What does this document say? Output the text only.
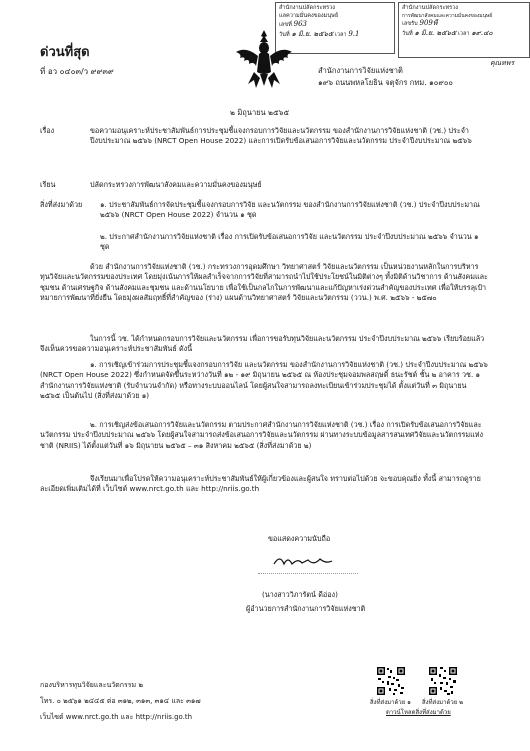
สำนักงานปลัดกระทรวง
แลความมั่นคงของมนุษย์
เลขที่ 963
วันที่ ๑ มิ.ย. ๒๕๖๕ เวลา 9.1
สำนักงานปลัดกระทรวง
การพัฒนาสังคมและความมั่นคงของมนุษย์
เลขรับ 909พี
วันที่ ๑ มิ.ย. ๒๕๖๕ เวลา ๑๙.๔๐
คุณหพร
ด่วนที่สุด
ที่ อว ๐๔๐๓/ว ๙๙๓๙	สำนักงานการวิจัยแห่งชาติ
๑๙๖ ถนนพหลโยธิน จตุจักร กทม. ๑๐๙๐๐
๒ มิถุนายน ๒๕๖๕
เรื่อง	ขอความอนุเคราะห์ประชาสัมพันธ์การประชุมชี้แจงกรอบการวิจัยและนวัตกรรม ของสำนักงานการวิจัยแห่งชาติ (วช.) ประจำปีงบประมาณ ๒๕๖๖ (NRCT Open House 2022) และการเปิดรับข้อเสนอการวิจัยและนวัตกรรม ประจำปีงบประมาณ ๒๕๖๖
เรียน	ปลัดกระทรวงการพัฒนาสังคมและความมั่นคงของมนุษย์
สิ่งที่ส่งมาด้วย ๑. ประชาสัมพันธ์การจัดประชุมชี้แจงกรอบการวิจัย และนวัตกรรม ของสำนักงานการวิจัยแห่งชาติ (วช.) ประจำปีงบประมาณ ๒๕๖๖ (NRCT Open House 2022) จำนวน ๑ ชุด
๒. ประกาศสำนักงานการวิจัยแห่งชาติ เรื่อง การเปิดรับข้อเสนอการวิจัย และนวัตกรรม ประจำปีงบประมาณ ๒๕๖๖ จำนวน ๑ ชุด
ด้วย สำนักงานการวิจัยแห่งชาติ (วช.) กระทรวงการอุดมศึกษา วิทยาศาสตร์ วิจัยและนวัตกรรม เป็นหน่วยงานหลักในการบริหารทุนวิจัยและนวัตกรรมของประเทศ โดยมุ่งเน้นการให้ผลสำเร็จจากการวิจัยที่สามารถนำไปใช้ประโยชน์ในมิติต่างๆ ทั้งมิติด้านวิชาการ ด้านสังคมและชุมชน ด้านเศรษฐกิจ ด้านสังคมและชุมชน และด้านนโยบาย เพื่อใช้เป็นกลไกในการพัฒนาและแก้ปัญหาเร่งด่วนสำคัญของประเทศ เพื่อให้บรรลุเป้าหมายการพัฒนาที่ยั่งยืน โดยมุ่งผลสัมฤทธิ์ที่สำคัญของ (ร่าง) แผนด้านวิทยาศาสตร์ วิจัยและนวัตกรรม (ววน.) พ.ศ. ๒๕๖๖ - ๒๕๗๐
ในการนี้ วช. ได้กำหนดกรอบการวิจัยและนวัตกรรม เพื่อการขอรับทุนวิจัยและนวัตกรรม ประจำปีงบประมาณ ๒๕๖๖ เรียบร้อยแล้ว จึงเห็นควรขอความอนุเคราะห์ประชาสัมพันธ์ ดังนี้
๑. การเชิญเข้าร่วมการประชุมชี้แจงกรอบการวิจัย และนวัตกรรม ของสำนักงานการวิจัยแห่งชาติ (วช.) ประจำปีงบประมาณ ๒๕๖๖ (NRCT Open House 2022) ซึ่งกำหนดจัดขึ้นระหว่างวันที่ ๑๒ - ๑๙ มิถุนายน ๒๕๖๕ ณ ห้องประชุมจอมพลสฤษดิ์ ธนะรัชต์ ชั้น ๒ อาคาร วช. ๑ สำนักงานการวิจัยแห่งชาติ (รับจำนวนจำกัด) หรือทางระบบออนไลน์ โดยผู้สนใจสามารถลงทะเบียนเข้าร่วมประชุมได้ ตั้งแต่วันที่ ๓ มิถุนายน ๒๕๖๕ เป็นต้นไป (สิ่งที่ส่งมาด้วย ๑)
๒. การเชิญส่งข้อเสนอการวิจัยและนวัตกรรม ตามประกาศสำนักงานการวิจัยแห่งชาติ (วช.) เรื่อง การเปิดรับข้อเสนอการวิจัยและนวัตกรรม ประจำปีงบประมาณ ๒๕๖๖ โดยผู้สนใจสามารถส่งข้อเสนอการวิจัยและนวัตกรรม ผ่านทางระบบข้อมูลสารสนเทศวิจัยและนวัตกรรมแห่งชาติ (NRIIS) ได้ตั้งแต่วันที่ ๑๖ มิถุนายน ๒๕๖๕ – ๓๑ สิงหาคม ๒๕๖๕ (สิ่งที่ส่งมาด้วย ๒)
จึงเรียนมาเพื่อโปรดให้ความอนุเคราะห์ประชาสัมพันธ์ให้ผู้เกี่ยวข้องและผู้สนใจ ทราบต่อไปด้วย จะขอบคุณยิ่ง ทั้งนี้ สามารถดูรายละเอียดเพิ่มเติมได้ที่ เว็บไซต์ www.nrct.go.th และ http://nriis.go.th
ขอแสดงความนับถือ
(นางสาววิภารัตน์ ดีอ่อง)
ผู้อำนวยการสำนักงานการวิจัยแห่งชาติ
กองบริหารทุนวิจัยและนวัตกรรม ๒
โทร. ๐ ๒๕๖๑ ๒๔๔๕ ต่อ ๓๑๒, ๓๑๓, ๓๑๔ และ ๓๑๗
เว็บไซต์ www.nrct.go.th และ http://nriis.go.th
สิ่งที่ส่งมาด้วย ๑ สิ่งที่ส่งมาด้วย ๒
ดาวน์โหลดสิ่งที่ส่งมาด้วย
